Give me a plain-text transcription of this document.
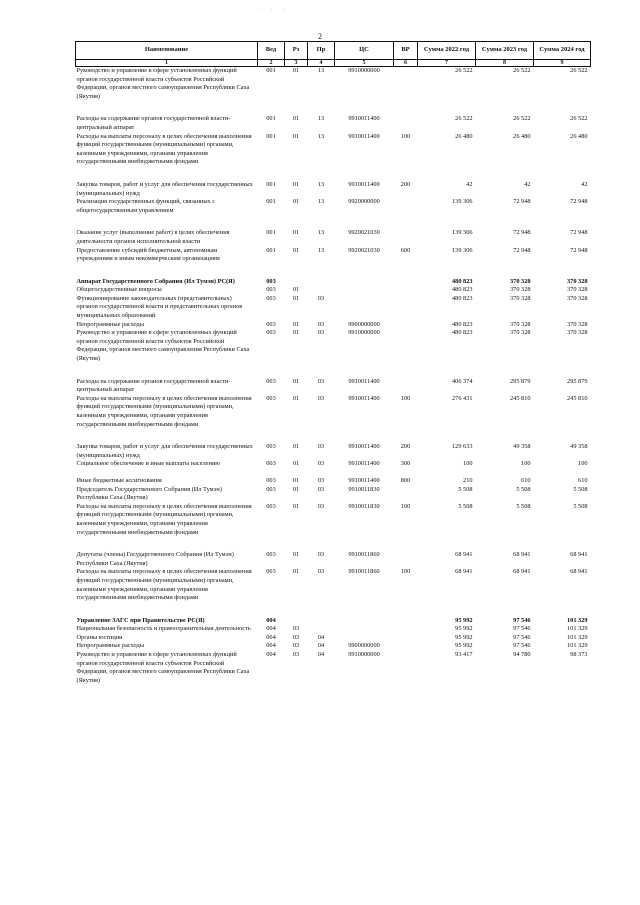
· · ·
2
Наименование	Вед	Рз	Пр	ЦС	ВР	Сумма 2022 год	Сумма 2023 год	Сумма 2024 год
1	2	3	4	5	6	7	8	9
Руководство и управление в сфере установленных функций органов государственной власти субъектов Российской Федерации, органов местного самоуправления Республики Саха (Якутия)	001	01	13	9910000000		26 522	26 522	26 522
Расходы на содержание органов государственной власти- центральный аппарат	001	01	13	9910011400		26 522	26 522	26 522
Расходы на выплаты персоналу в целях обеспечения выполнения функций государственными (муниципальными) органами, казенными учреждениями, органами управления государственными внебюджетными фондами	001	01	13	9910011400	100	26 480	26 480	26 480
Закупка товаров, работ и услуг для обеспечения государственных (муниципальных) нужд	001	01	13	9910011400	200	42	42	42
Реализация государственных функций, связанных с общегосударственным управлением	001	01	13	9920000000		139 306	72 948	72 948
Оказание услуг (выполнение работ) в целях обеспечения деятельности органов исполнительной власти	001	01	13	9920021030		139 306	72 948	72 948
Предоставление субсидий бюджетным, автономным учреждениям и иным некоммерческим организациям	001	01	13	9920021030	600	139 306	72 948	72 948
Аппарат Государственного Собрания (Ил Тумэн) РС(Я)	003					480 823	370 328	370 328
Общегосударственные вопросы	003	01				480 823	370 328	370 328
Функционирование законодательных (представительных) органов государственной власти и представительных органов муниципальных образований	003	01	03			480 823	370 328	370 328
Непрограммные расходы	003	01	03	9900000000		480 823	370 328	370 328
Руководство и управление в сфере установленных функций органов государственной власти субъектов Российской Федерации, органов местного самоуправления Республики Саха (Якутия)	003	01	03	9910000000		480 823	370 328	370 328
Расходы на содержание органов государственной власти- центральный аппарат	003	01	03	9910011400		406 374	295 879	295 879
Расходы на выплаты персоналу в целях обеспечения выполнения функций государственными (муниципальными) органами, казенными учреждениями, органами управления государственными внебюджетными фондами	003	01	03	9910011400	100	276 431	245 810	245 810
Закупка товаров, работ и услуг для обеспечения государственных (муниципальных) нужд	003	01	03	9910011400	200	129 633	49 358	49 358
Социальное обеспечение и иные выплаты населению	003	01	03	9910011400	300	100	100	100
Иные бюджетные ассигнования	003	01	03	9910011400	800	210	610	610
Председатель Государственного Собрания (Ил Тумэн) Республики Саха (Якутия)	003	01	03	9910011830		5 508	5 508	5 508
Расходы на выплаты персоналу в целях обеспечения выполнения функций государственными (муниципальными) органами, казенными учреждениями, органами управления государственными внебюджетными фондами	003	01	03	9910011830	100	5 508	5 508	5 508
Депутаты (члены) Государственного Собрания (Ил Тумэн) Республики Саха (Якутия)	003	01	03	9910011860		68 941	68 941	68 941
Расходы на выплаты персоналу в целях обеспечения выполнения функций государственными (муниципальными) органами, казенными учреждениями, органами управления государственными внебюджетными фондами	003	01	03	9910011860	100	68 941	68 941	68 941
Управление ЗАГС при Правительстве РС(Я)	004					95 992	97 546	101 329
Национальная безопасность и правоохранительная деятельность	004	03				95 992	97 546	101 329
Органы юстиции	004	03	04			95 992	97 546	101 329
Непрограммные расходы	004	03	04	9900000000		95 992	97 546	101 329
Руководство и управление в сфере установленных функций органов государственной власти субъектов Российской Федерации, органов местного самоуправления Республики Саха (Якутия)	004	03	04	9910000000		93 417	94 780	98 373
